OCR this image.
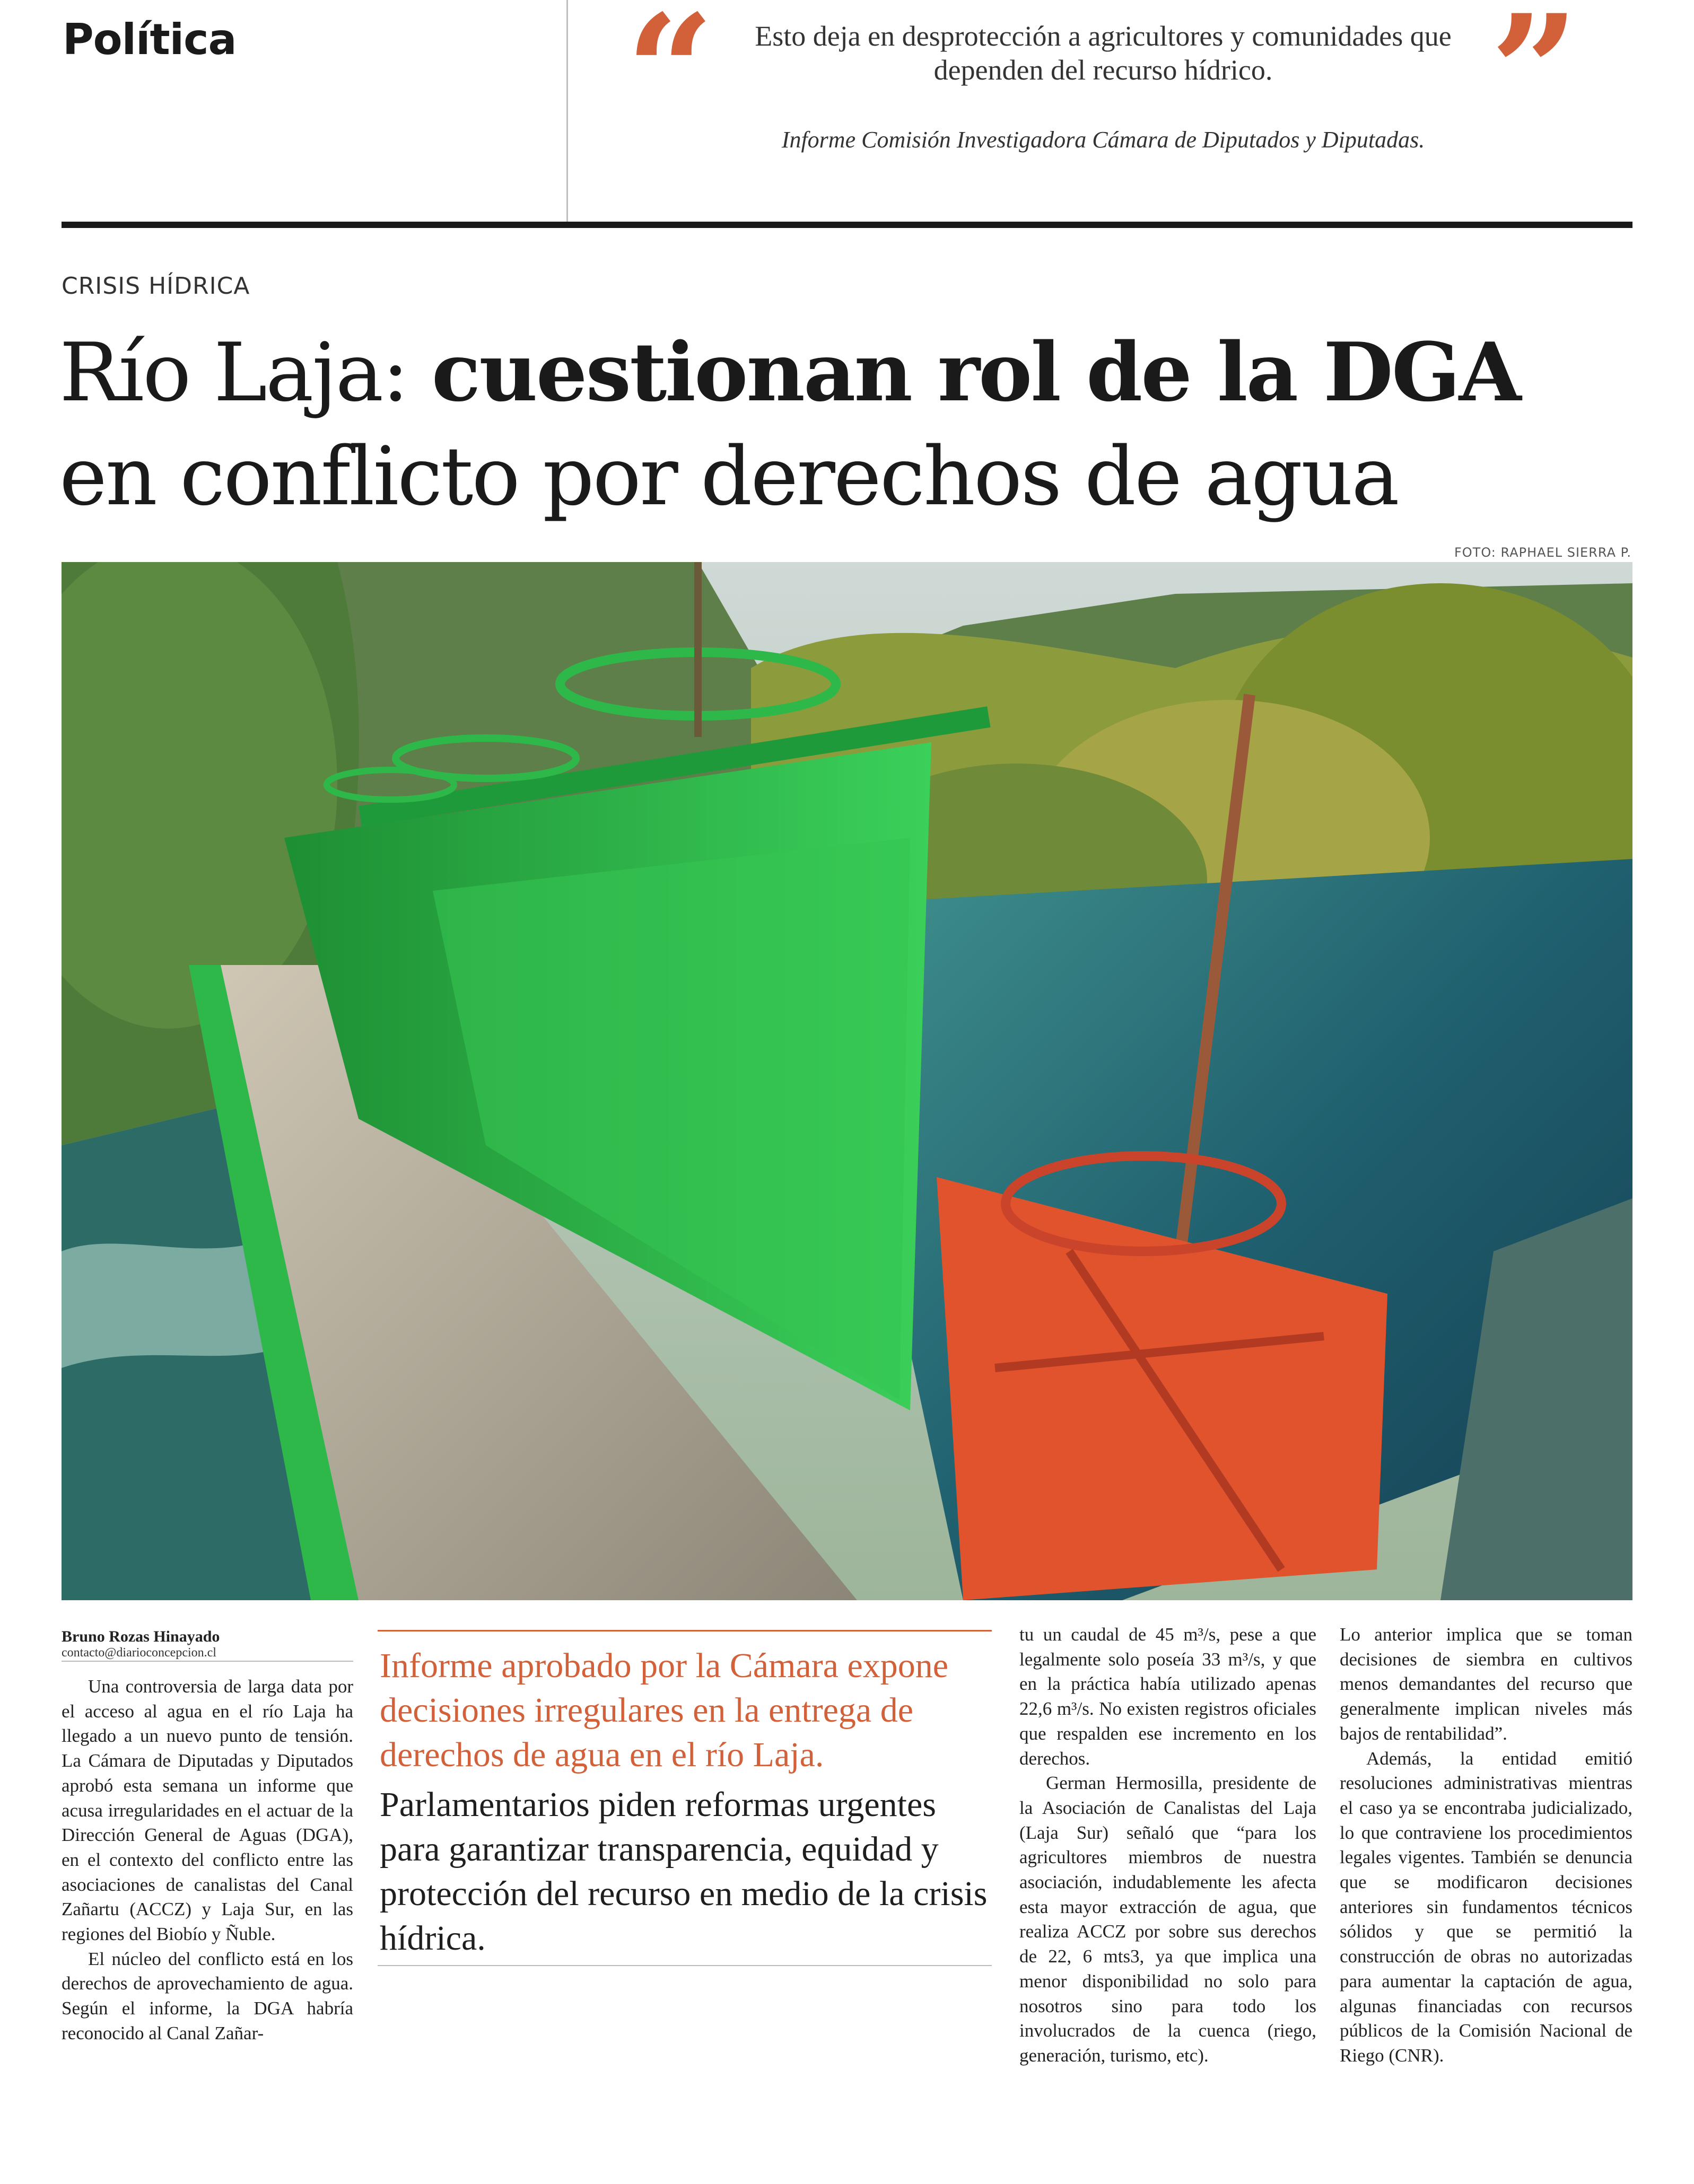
Política	“	Esto deja en desprotección a agricultores y comunidades que
dependen del recurso hídrico.	”
Informe Comisión Investigadora Cámara de Diputados y Diputadas.
CRISIS HÍDRICA
Río Laja: cuestionan rol de la DGA
en conflicto por derechos de agua
FOTO: RAPHAEL SIERRA P.
Bruno Rozas Hinayado
contacto@diarioconcepcion.cl

Una controversia de larga data por el acceso al agua en el río Laja ha llegado a un nuevo punto de tensión. La Cámara de Diputadas y Diputados aprobó esta semana un informe que acusa irregularidades en el actuar de la Dirección General de Aguas (DGA), en el contexto del conflicto entre las asociaciones de canalistas del Canal Zañartu (ACCZ) y Laja Sur, en las regiones del Biobío y Ñuble.

El núcleo del conflicto está en los derechos de aprovechamiento de agua. Según el informe, la DGA habría reconocido al Canal Zañar-

Informe aprobado por la Cámara expone decisiones irregulares en la entrega de derechos de agua en el río Laja.
Parlamentarios piden reformas urgentes para garantizar transparencia, equidad y protección del recurso en medio de la crisis hídrica.

tu un caudal de 45 m³/s, pese a que legalmente solo poseía 33 m³/s, y que en la práctica había utilizado apenas 22,6 m³/s. No existen registros oficiales que respalden ese incremento en los derechos.

German Hermosilla, presidente de la Asociación de Canalistas del Laja (Laja Sur) señaló que “para los agricultores miembros de nuestra asociación, indudablemente les afecta esta mayor extracción de agua, que realiza ACCZ por sobre sus derechos de 22, 6 mts3, ya que implica una menor disponibilidad no solo para nosotros sino para todo los involucrados de la cuenca (riego, generación, turismo, etc).

Lo anterior implica que se toman decisiones de siembra en cultivos menos demandantes del recurso que generalmente implican niveles más bajos de rentabilidad”.

Además, la entidad emitió resoluciones administrativas mientras el caso ya se encontraba judicializado, lo que contraviene los procedimientos legales vigentes. También se denuncia que se modificaron decisiones anteriores sin fundamentos técnicos sólidos y que se permitió la construcción de obras no autorizadas para aumentar la captación de agua, algunas financiadas con recursos públicos de la Comisión Nacional de Riego (CNR).
